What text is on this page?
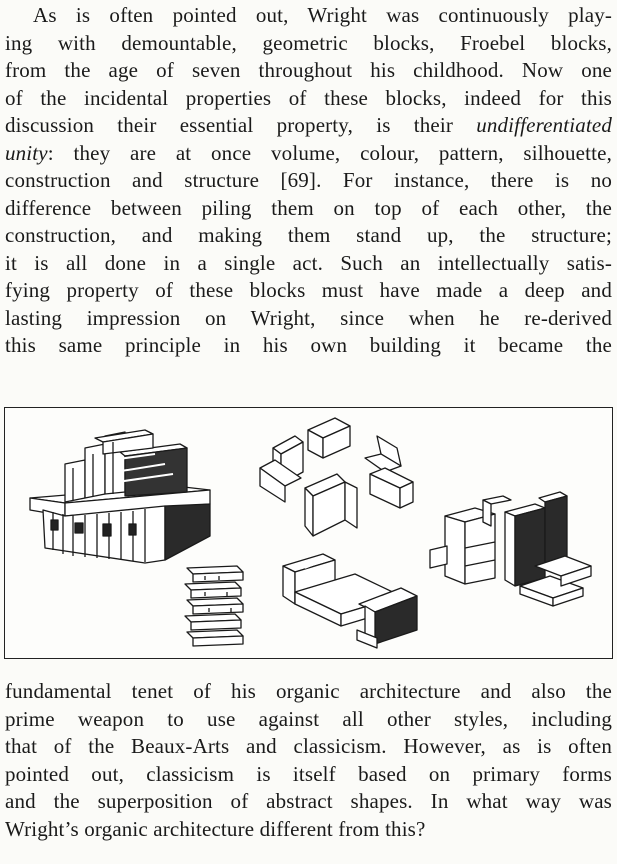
As is often pointed out, Wright was continuously play-
ing with demountable, geometric blocks, Froebel blocks,
from the age of seven throughout his childhood. Now one
of the incidental properties of these blocks, indeed for this
discussion their essential property, is their undifferentiated
unity: they are at once volume, colour, pattern, silhouette,
construction and structure [69]. For instance, there is no
difference between piling them on top of each other, the
construction, and making them stand up, the structure;
it is all done in a single act. Such an intellectually satis-
fying property of these blocks must have made a deep and
lasting impression on Wright, since when he re-derived
this same principle in his own building it became the
fundamental tenet of his organic architecture and also the
prime weapon to use against all other styles, including
that of the Beaux-Arts and classicism. However, as is often
pointed out, classicism is itself based on primary forms
and the superposition of abstract shapes. In what way was
Wright’s organic architecture different from this?
